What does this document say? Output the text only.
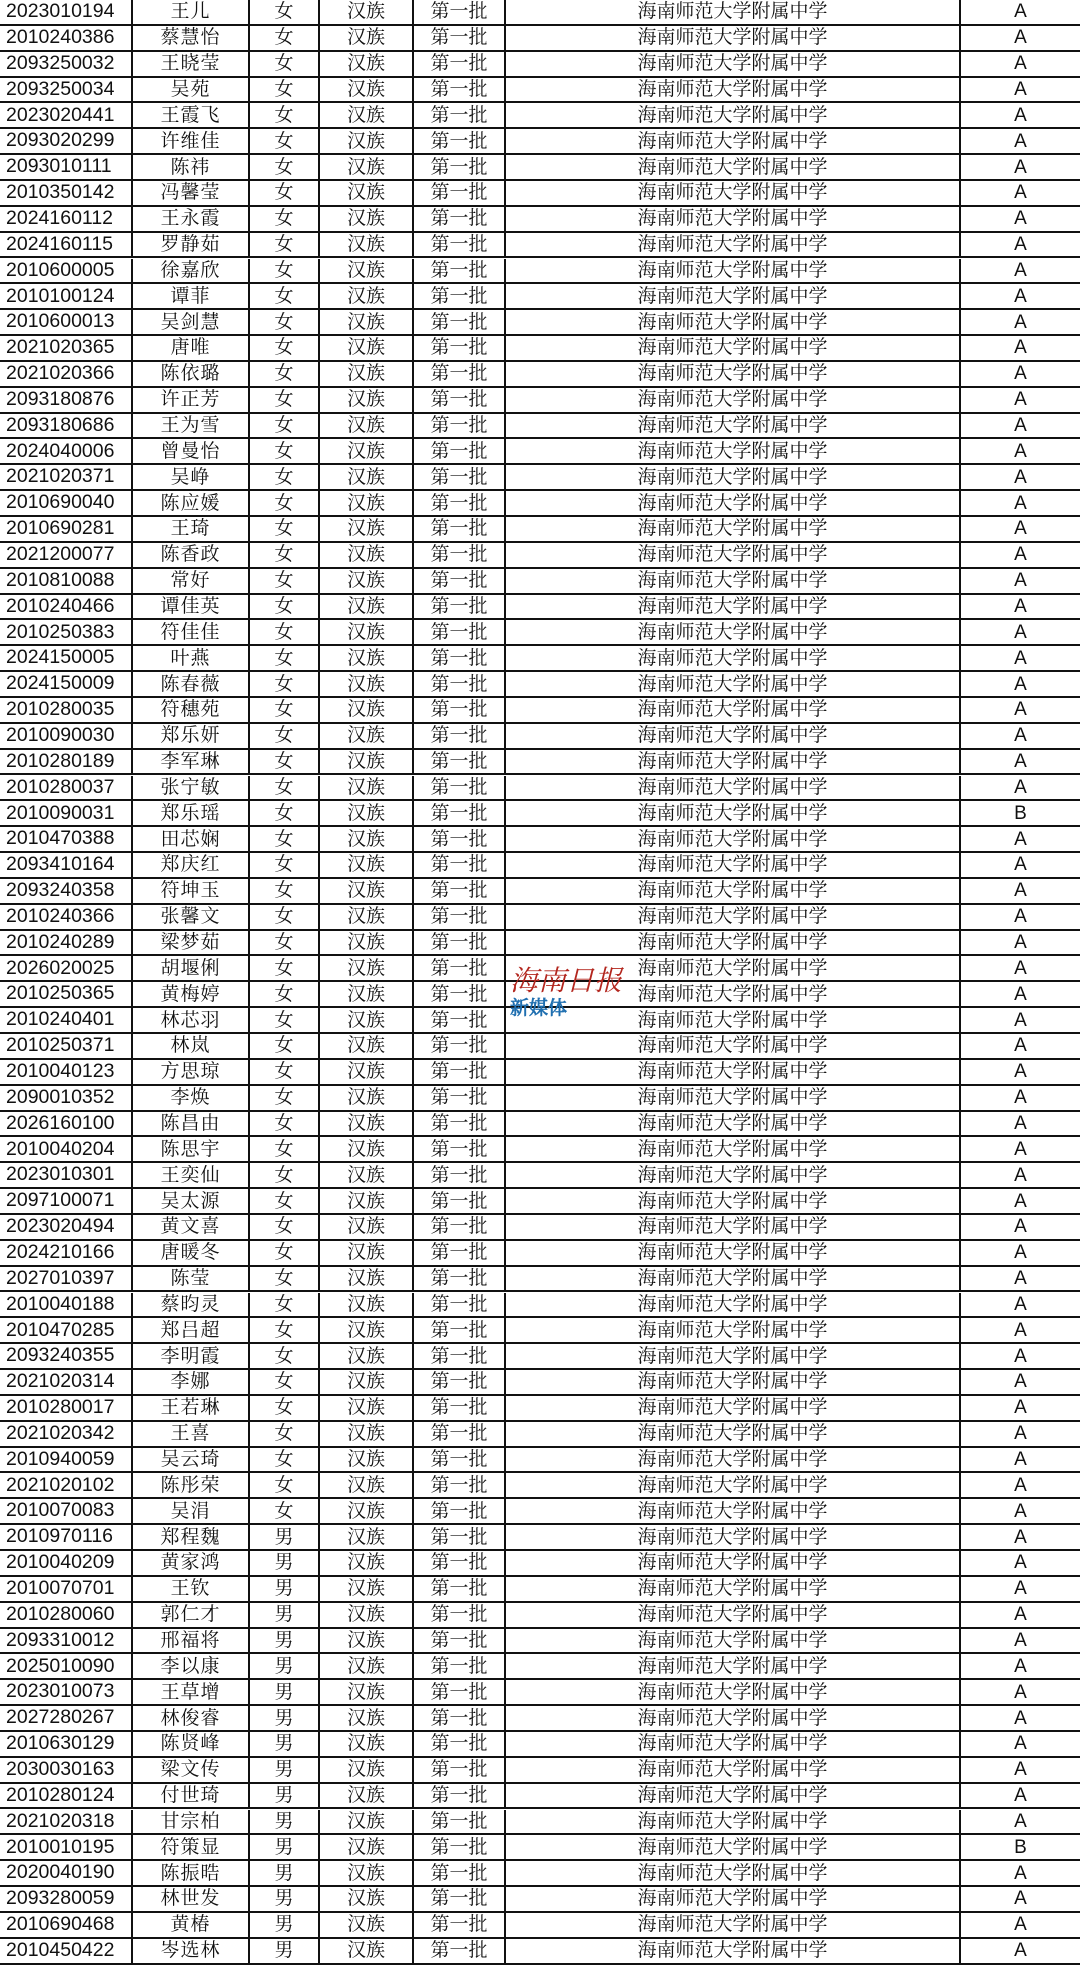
2023010194	王儿	女	汉族	第一批	海南师范大学附属中学	A
2010240386	蔡慧怡	女	汉族	第一批	海南师范大学附属中学	A
2093250032	王晓莹	女	汉族	第一批	海南师范大学附属中学	A
2093250034	吴苑	女	汉族	第一批	海南师范大学附属中学	A
2023020441	王霞飞	女	汉族	第一批	海南师范大学附属中学	A
2093020299	许维佳	女	汉族	第一批	海南师范大学附属中学	A
2093010111	陈祎	女	汉族	第一批	海南师范大学附属中学	A
2010350142	冯馨莹	女	汉族	第一批	海南师范大学附属中学	A
2024160112	王永霞	女	汉族	第一批	海南师范大学附属中学	A
2024160115	罗静茹	女	汉族	第一批	海南师范大学附属中学	A
2010600005	徐嘉欣	女	汉族	第一批	海南师范大学附属中学	A
2010100124	谭菲	女	汉族	第一批	海南师范大学附属中学	A
2010600013	吴剑慧	女	汉族	第一批	海南师范大学附属中学	A
2021020365	唐唯	女	汉族	第一批	海南师范大学附属中学	A
2021020366	陈依璐	女	汉族	第一批	海南师范大学附属中学	A
2093180876	许正芳	女	汉族	第一批	海南师范大学附属中学	A
2093180686	王为雪	女	汉族	第一批	海南师范大学附属中学	A
2024040006	曾曼怡	女	汉族	第一批	海南师范大学附属中学	A
2021020371	吴峥	女	汉族	第一批	海南师范大学附属中学	A
2010690040	陈应媛	女	汉族	第一批	海南师范大学附属中学	A
2010690281	王琦	女	汉族	第一批	海南师范大学附属中学	A
2021200077	陈香政	女	汉族	第一批	海南师范大学附属中学	A
2010810088	常好	女	汉族	第一批	海南师范大学附属中学	A
2010240466	谭佳英	女	汉族	第一批	海南师范大学附属中学	A
2010250383	符佳佳	女	汉族	第一批	海南师范大学附属中学	A
2024150005	叶燕	女	汉族	第一批	海南师范大学附属中学	A
2024150009	陈春薇	女	汉族	第一批	海南师范大学附属中学	A
2010280035	符穗苑	女	汉族	第一批	海南师范大学附属中学	A
2010090030	郑乐妍	女	汉族	第一批	海南师范大学附属中学	A
2010280189	李军琳	女	汉族	第一批	海南师范大学附属中学	A
2010280037	张宁敏	女	汉族	第一批	海南师范大学附属中学	A
2010090031	郑乐瑶	女	汉族	第一批	海南师范大学附属中学	B
2010470388	田芯娴	女	汉族	第一批	海南师范大学附属中学	A
2093410164	郑庆红	女	汉族	第一批	海南师范大学附属中学	A
2093240358	符坤玉	女	汉族	第一批	海南师范大学附属中学	A
2010240366	张馨文	女	汉族	第一批	海南师范大学附属中学	A
2010240289	梁梦茹	女	汉族	第一批	海南师范大学附属中学	A
2026020025	胡堰俐	女	汉族	第一批	海南师范大学附属中学	A
2010250365	黄梅婷	女	汉族	第一批	海南师范大学附属中学	A
2010240401	林芯羽	女	汉族	第一批	海南师范大学附属中学	A
2010250371	林岚	女	汉族	第一批	海南师范大学附属中学	A
2010040123	方思琼	女	汉族	第一批	海南师范大学附属中学	A
2090010352	李焕	女	汉族	第一批	海南师范大学附属中学	A
2026160100	陈昌由	女	汉族	第一批	海南师范大学附属中学	A
2010040204	陈思宇	女	汉族	第一批	海南师范大学附属中学	A
2023010301	王奕仙	女	汉族	第一批	海南师范大学附属中学	A
2097100071	吴太源	女	汉族	第一批	海南师范大学附属中学	A
2023020494	黄文喜	女	汉族	第一批	海南师范大学附属中学	A
2024210166	唐暖冬	女	汉族	第一批	海南师范大学附属中学	A
2027010397	陈莹	女	汉族	第一批	海南师范大学附属中学	A
2010040188	蔡昀灵	女	汉族	第一批	海南师范大学附属中学	A
2010470285	郑吕超	女	汉族	第一批	海南师范大学附属中学	A
2093240355	李明霞	女	汉族	第一批	海南师范大学附属中学	A
2021020314	李娜	女	汉族	第一批	海南师范大学附属中学	A
2010280017	王若琳	女	汉族	第一批	海南师范大学附属中学	A
2021020342	王喜	女	汉族	第一批	海南师范大学附属中学	A
2010940059	吴云琦	女	汉族	第一批	海南师范大学附属中学	A
2021020102	陈彤荣	女	汉族	第一批	海南师范大学附属中学	A
2010070083	吴涓	女	汉族	第一批	海南师范大学附属中学	A
2010970116	郑程魏	男	汉族	第一批	海南师范大学附属中学	A
2010040209	黄家鸿	男	汉族	第一批	海南师范大学附属中学	A
2010070701	王钦	男	汉族	第一批	海南师范大学附属中学	A
2010280060	郭仁才	男	汉族	第一批	海南师范大学附属中学	A
2093310012	邢福将	男	汉族	第一批	海南师范大学附属中学	A
2025010090	李以康	男	汉族	第一批	海南师范大学附属中学	A
2023010073	王草增	男	汉族	第一批	海南师范大学附属中学	A
2027280267	林俊睿	男	汉族	第一批	海南师范大学附属中学	A
2010630129	陈贤峰	男	汉族	第一批	海南师范大学附属中学	A
2030030163	梁文传	男	汉族	第一批	海南师范大学附属中学	A
2010280124	付世琦	男	汉族	第一批	海南师范大学附属中学	A
2021020318	甘宗柏	男	汉族	第一批	海南师范大学附属中学	A
2010010195	符策显	男	汉族	第一批	海南师范大学附属中学	B
2020040190	陈振晧	男	汉族	第一批	海南师范大学附属中学	A
2093280059	林世发	男	汉族	第一批	海南师范大学附属中学	A
2010690468	黄椿	男	汉族	第一批	海南师范大学附属中学	A
2010450422	岑选林	男	汉族	第一批	海南师范大学附属中学	A
海南日报
新媒体
